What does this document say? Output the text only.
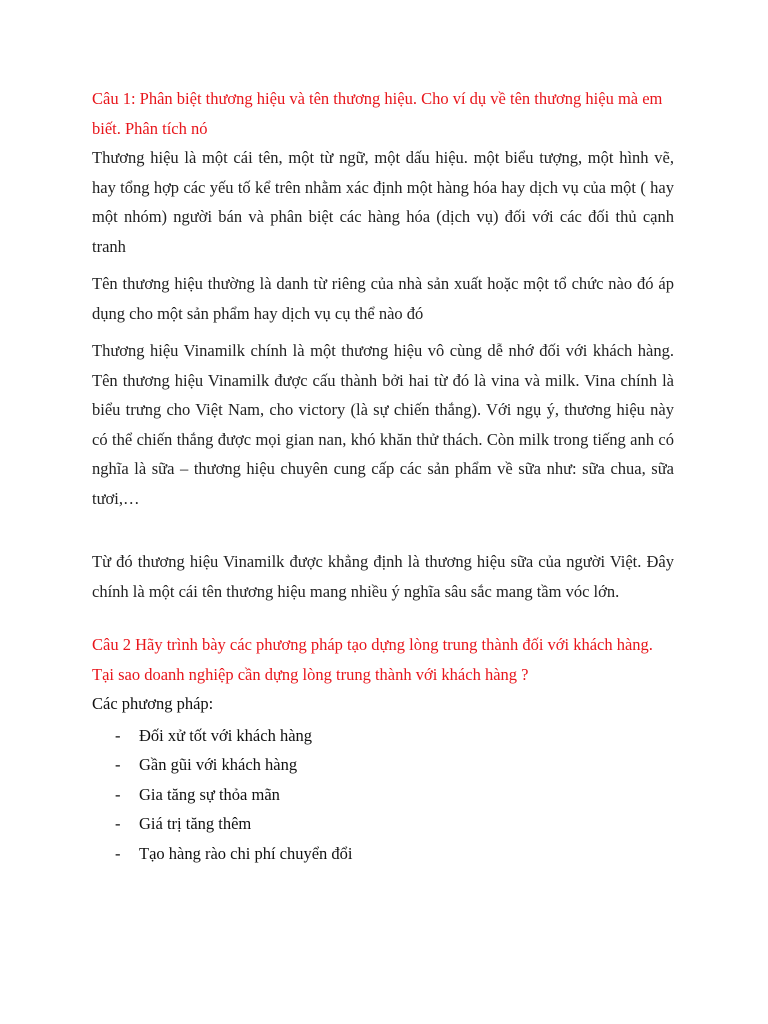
Câu 1: Phân biệt thương hiệu và tên thương hiệu. Cho ví dụ về tên thương hiệu mà em biết. Phân tích nó

Thương hiệu là một cái tên, một từ ngữ, một dấu hiệu. một biểu tượng, một hình vẽ, hay tổng hợp các yếu tố kể trên nhằm xác định một hàng hóa hay dịch vụ của một ( hay một nhóm) người bán và phân biệt các hàng hóa (dịch vụ) đối với các đối thủ cạnh tranh

Tên thương hiệu thường là danh từ riêng của nhà sản xuất hoặc một tổ chức nào đó áp dụng cho một sản phẩm hay dịch vụ cụ thể nào đó

Thương hiệu Vinamilk chính là một thương hiệu vô cùng dễ nhớ đối với khách hàng. Tên thương hiệu Vinamilk được cấu thành bởi hai từ đó là vina và milk. Vina chính là biểu trưng cho Việt Nam, cho victory (là sự chiến thắng). Với ngụ ý, thương hiệu này có thể chiến thắng được mọi gian nan, khó khăn thử thách. Còn milk trong tiếng anh có nghĩa là sữa – thương hiệu chuyên cung cấp các sản phẩm về sữa như: sữa chua, sữa tươi,…

Từ đó thương hiệu Vinamilk được khẳng định là thương hiệu sữa của người Việt. Đây chính là một cái tên thương hiệu mang nhiều ý nghĩa sâu sắc mang tầm vóc lớn.

Câu 2 Hãy trình bày các phương pháp tạo dựng lòng trung thành đối với khách hàng. Tại sao doanh nghiệp cần dựng lòng trung thành với khách hàng ?

Các phương pháp:

- Đối xử tốt với khách hàng
- Gần gũi với khách hàng
- Gia tăng sự thỏa mãn
- Giá trị tăng thêm
- Tạo hàng rào chi phí chuyển đổi
